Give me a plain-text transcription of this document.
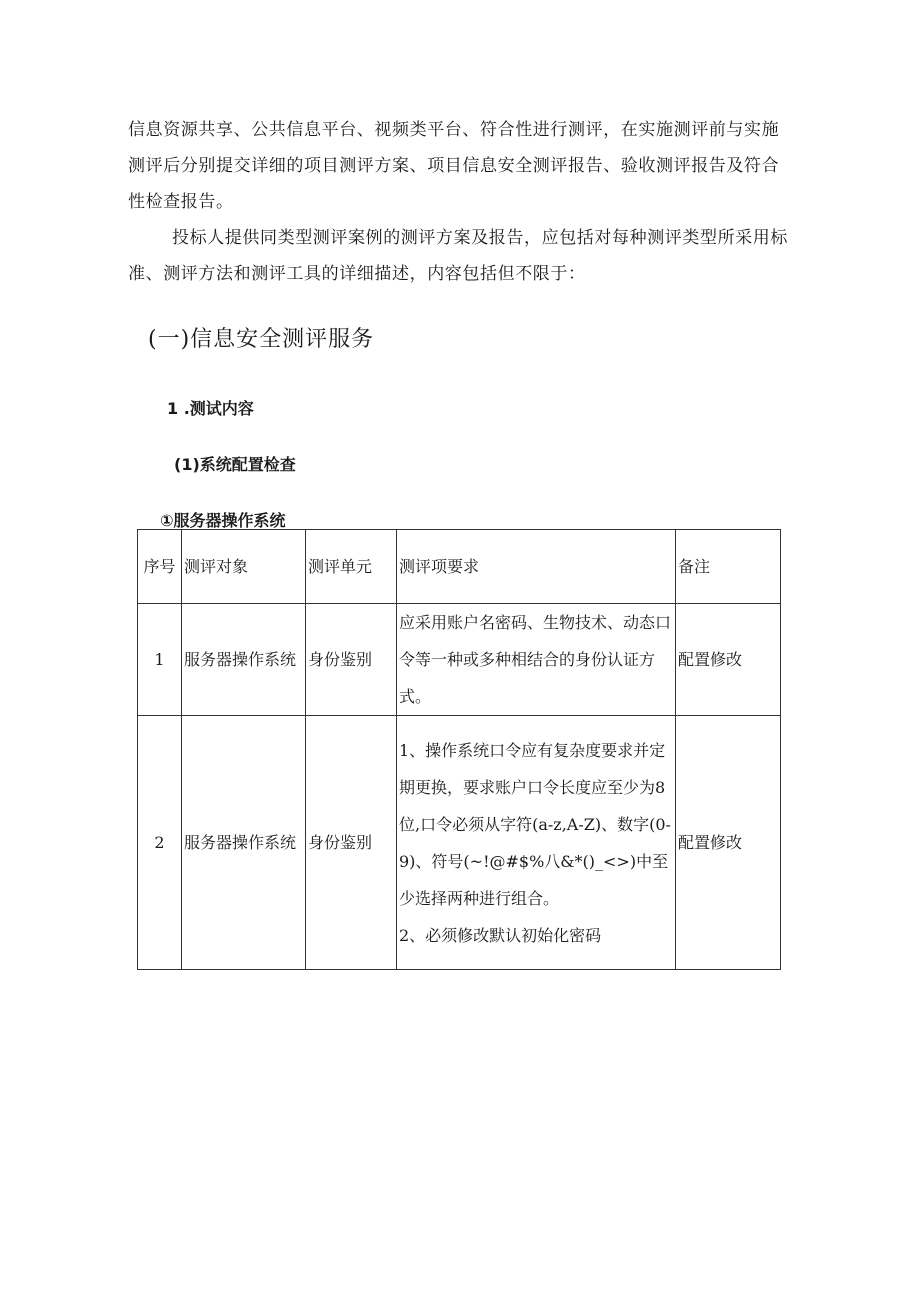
信息资源共享、公共信息平台、视频类平台、符合性进行测评，在实施测评前与实施测评后分别提交详细的项目测评方案、项目信息安全测评报告、验收测评报告及符合性检查报告。

投标人提供同类型测评案例的测评方案及报告，应包括对每种测评类型所采用标准、测评方法和测评工具的详细描述，内容包括但不限于：

(一)信息安全测评服务
1 .测试内容
(1)系统配置检查
①服务器操作系统
序号	测评对象	测评单元	测评项要求	备注
1	服务器操作系统	身份鉴别	应采用账户名密码、生物技术、动态口令等一种或多种相结合的身份认证方式。	配置修改
2	服务器操作系统	身份鉴别	1、操作系统口令应有复杂度要求并定期更换，要求账户口令长度应至少为8位,口令必须从字符(a-z,A-Z)、数字(0-9)、符号(~!@#$%八&*()_<>)中至少选择两种进行组合。
2、必须修改默认初始化密码	配置修改
